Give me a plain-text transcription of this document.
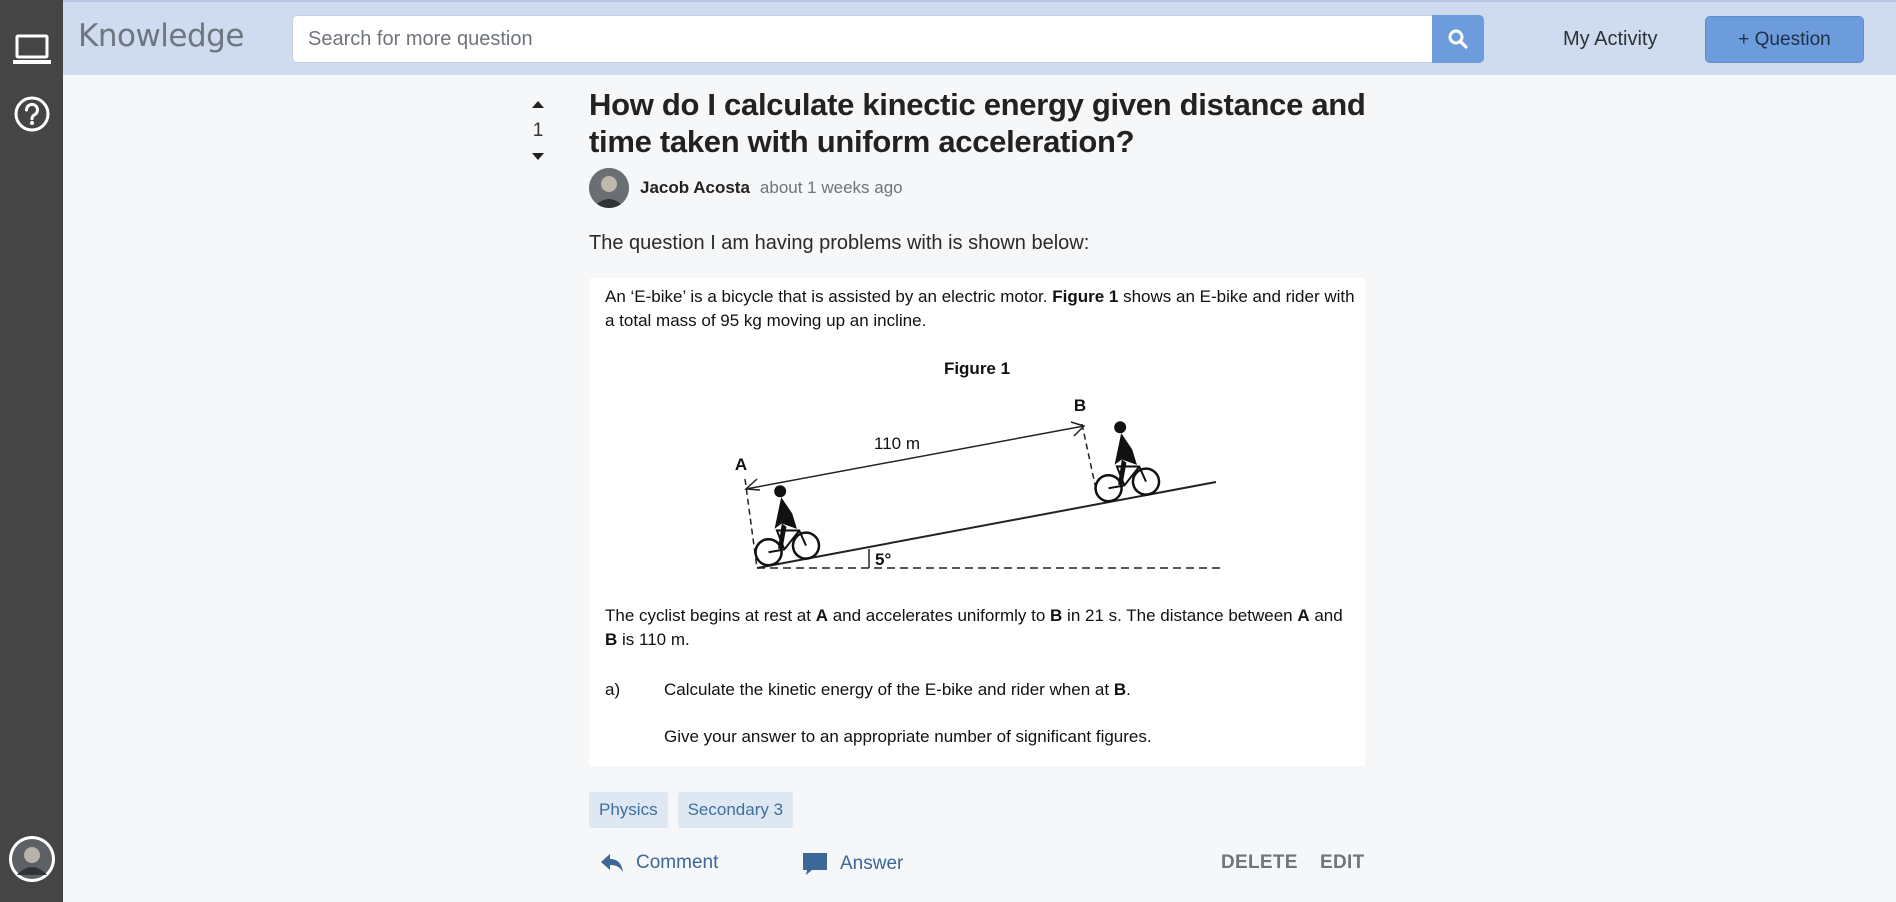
Knowledge
Search for more question	My Activity	+ Question
1
How do I calculate kinectic energy given distance and time taken with uniform acceleration?
Jacob Acosta about 1 weeks ago

The question I am having problems with is shown below:

An ‘E-bike’ is a bicycle that is assisted by an electric motor. Figure 1 shows an E-bike and rider with a total mass of 95 kg moving up an incline.
Figure 1
110 m
A
B
5°
The cyclist begins at rest at A and accelerates uniformly to B in 21 s. The distance between A and B is 110 m.
a)	Calculate the kinetic energy of the E-bike and rider when at B.
Give your answer to an appropriate number of significant figures.
Physics	Secondary 3
Comment	Answer	DELETE EDIT
